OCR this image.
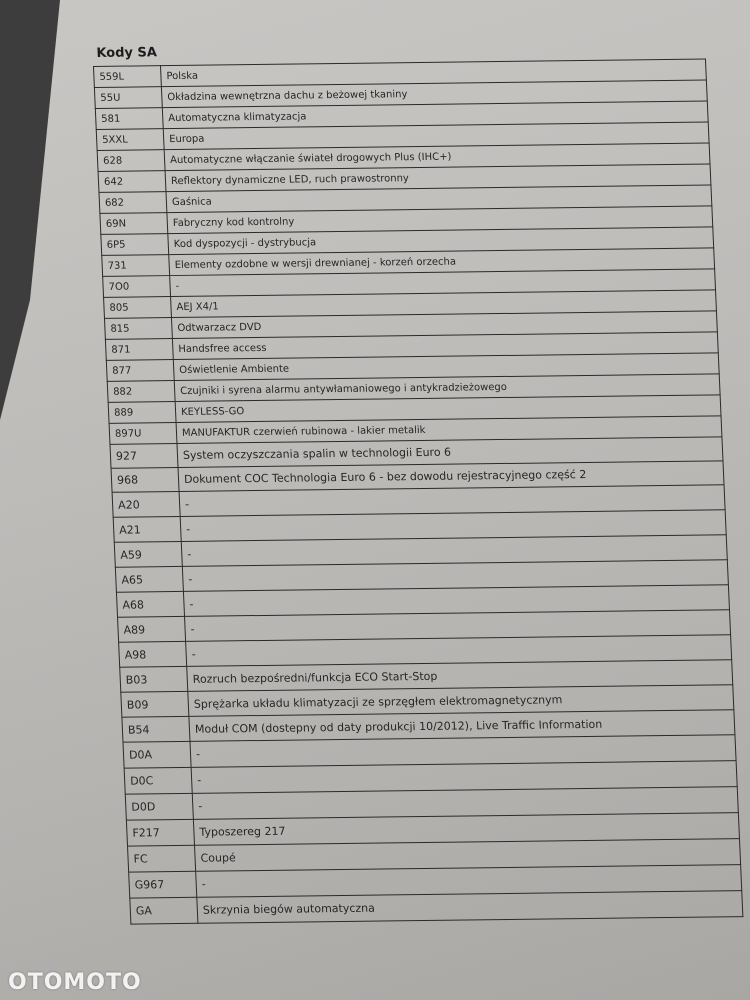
Kody SA
559L	Polska
55U	Okładzina wewnętrzna dachu z beżowej tkaniny
581	Automatyczna klimatyzacja
5XXL	Europa
628	Automatyczne włączanie świateł drogowych Plus (IHC+)
642	Reflektory dynamiczne LED, ruch prawostronny
682	Gaśnica
69N	Fabryczny kod kontrolny
6P5	Kod dyspozycji - dystrybucja
731	Elementy ozdobne w wersji drewnianej - korzeń orzecha
7O0	-
805	AEJ X4/1
815	Odtwarzacz DVD
871	Handsfree access
877	Oświetlenie Ambiente
882	Czujniki i syrena alarmu antywłamaniowego i antykradzieżowego
889	KEYLESS-GO
897U	MANUFAKTUR czerwień rubinowa - lakier metalik
927	System oczyszczania spalin w technologii Euro 6
968	Dokument COC Technologia Euro 6 - bez dowodu rejestracyjnego część 2
A20	-
A21	-
A59	-
A65	-
A68	-
A89	-
A98	-
B03	Rozruch bezpośredni/funkcja ECO Start-Stop
B09	Sprężarka układu klimatyzacji ze sprzęgłem elektromagnetycznym
B54	Moduł COM (dostepny od daty produkcji 10/2012), Live Traffic Information
D0A	-
D0C	-
D0D	-
F217	Typoszereg 217
FC	Coupé
G967	-
GA	Skrzynia biegów automatyczna
OTOMOTO
